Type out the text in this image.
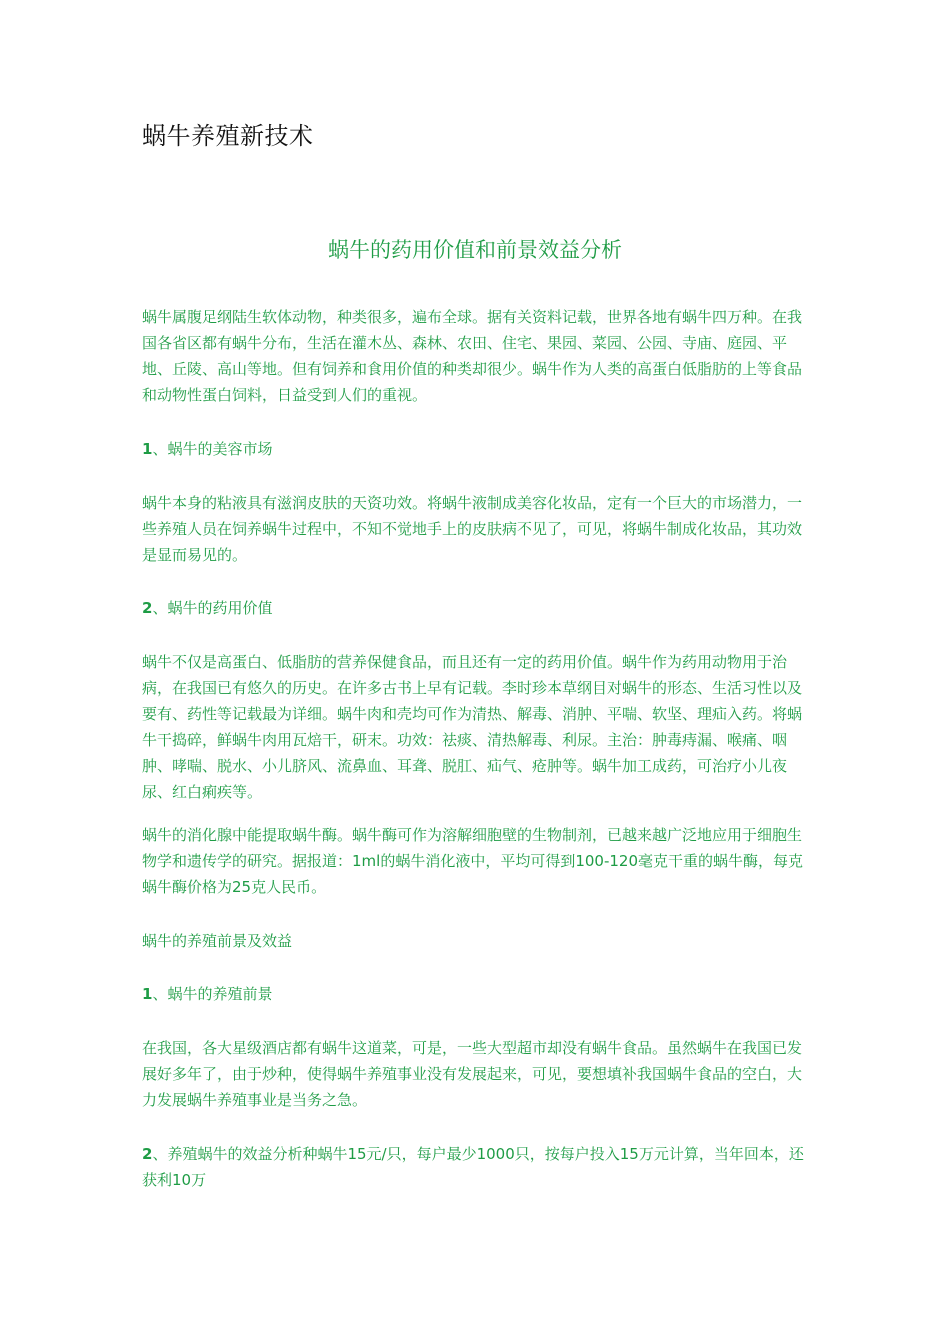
蜗牛养殖新技术
蜗牛的药用价值和前景效益分析

蜗牛属腹足纲陆生软体动物，种类很多，遍布全球。据有关资料记载，世界各地有蜗牛四万种。在我国各省区都有蜗牛分布，生活在灌木丛、森林、农田、住宅、果园、菜园、公园、寺庙、庭园、平地、丘陵、高山等地。但有饲养和食用价值的种类却很少。蜗牛作为人类的高蛋白低脂肪的上等食品和动物性蛋白饲料，日益受到人们的重视。

1、蜗牛的美容市场

蜗牛本身的粘液具有滋润皮肤的天资功效。将蜗牛液制成美容化妆品，定有一个巨大的市场潜力，一些养殖人员在饲养蜗牛过程中，不知不觉地手上的皮肤病不见了，可见，将蜗牛制成化妆品，其功效是显而易见的。

2、蜗牛的药用价值

蜗牛不仅是高蛋白、低脂肪的营养保健食品，而且还有一定的药用价值。蜗牛作为药用动物用于治病，在我国已有悠久的历史。在许多古书上早有记载。李时珍本草纲目对蜗牛的形态、生活习性以及要有、药性等记载最为详细。蜗牛肉和壳均可作为清热、解毒、消肿、平喘、软坚、理疝入药。将蜗牛干捣碎，鲜蜗牛肉用瓦焙干，研末。功效：祛痰、清热解毒、利尿。主治：肿毒痔漏、喉痛、咽肿、哮喘、脱水、小儿脐风、流鼻血、耳聋、脱肛、疝气、疮肿等。蜗牛加工成药，可治疗小儿夜尿、红白痢疾等。

蜗牛的消化腺中能提取蜗牛酶。蜗牛酶可作为溶解细胞壁的生物制剂，已越来越广泛地应用于细胞生物学和遗传学的研究。据报道：1ml的蜗牛消化液中，平均可得到100-120毫克干重的蜗牛酶，每克蜗牛酶价格为25克人民币。

蜗牛的养殖前景及效益

1、蜗牛的养殖前景

在我国，各大星级酒店都有蜗牛这道菜，可是，一些大型超市却没有蜗牛食品。虽然蜗牛在我国已发展好多年了，由于炒种，使得蜗牛养殖事业没有发展起来，可见，要想填补我国蜗牛食品的空白，大力发展蜗牛养殖事业是当务之急。

2、养殖蜗牛的效益分析种蜗牛15元/只，每户最少1000只，按每户投入15万元计算，当年回本，还获利10万
